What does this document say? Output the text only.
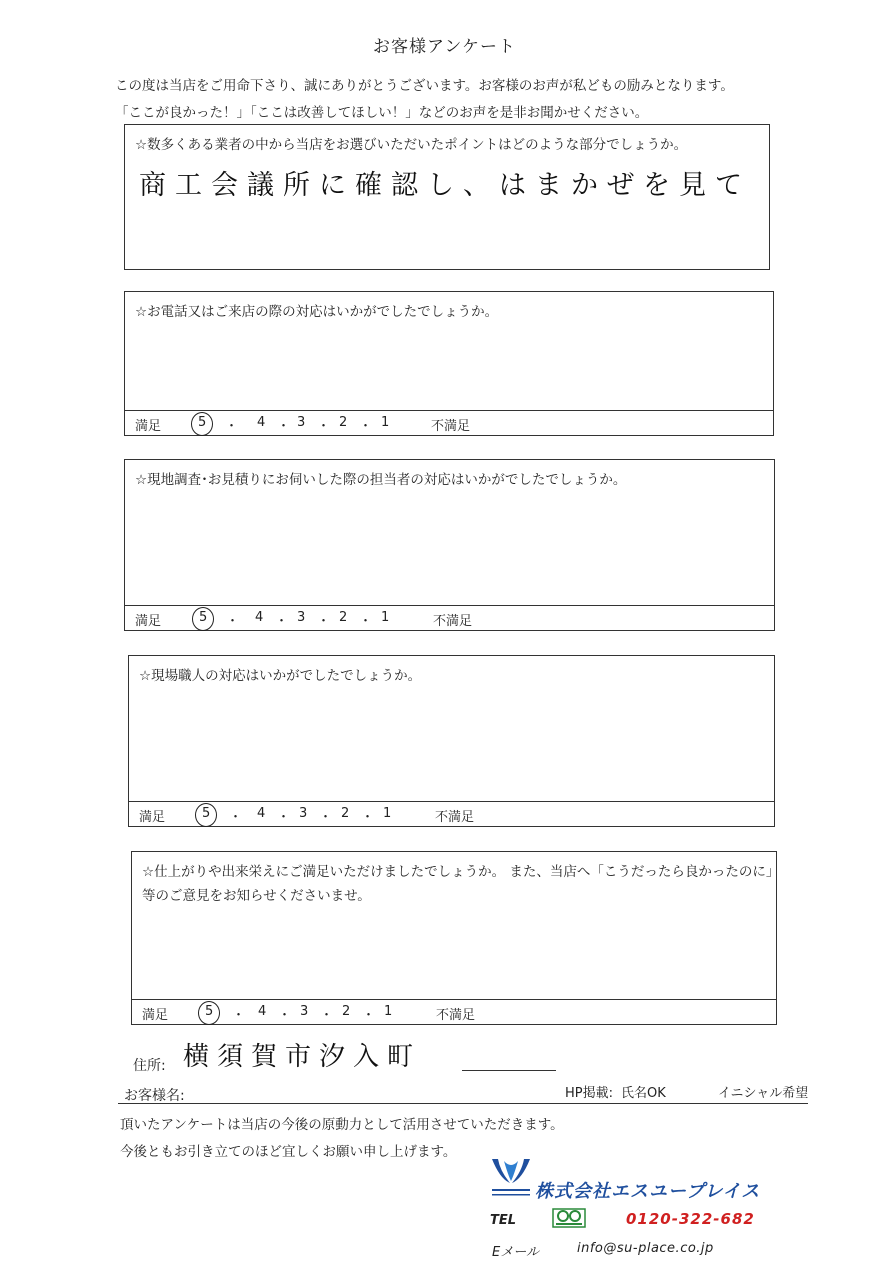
お客様アンケート
この度は当店をご用命下さり、誠にありがとうございます。お客様のお声が私どもの励みとなります。
「ここが良かった！」「ここは改善してほしい！」などのお声を是非お聞かせください。
☆数多くある業者の中から当店をお選びいただいたポイントはどのような部分でしょうか。
商工会議所に確認し、はまかぜを見て
☆お電話又はご来店の際の対応はいかがでしたでしょうか。
満足	5 ・ 4 ・ 3 ・ 2 ・ 1	不満足
☆現地調査･お見積りにお伺いした際の担当者の対応はいかがでしたでしょうか。
満足	5 ・ 4 ・ 3 ・ 2 ・ 1	不満足
☆現場職人の対応はいかがでしたでしょうか。
満足	5 ・ 4 ・ 3 ・ 2 ・ 1	不満足
☆仕上がりや出来栄えにご満足いただけましたでしょうか。 また、当店へ「こうだったら良かったのに」
等のご意見をお知らせくださいませ。
満足	5 ・ 4 ・ 3 ・ 2 ・ 1	不満足
住所: 横須賀市汐入町
お客様名:	HP掲載: 氏名OK	イニシャル希望
頂いたアンケートは当店の今後の原動力として活用させていただきます。
今後ともお引き立てのほど宜しくお願い申し上げます。
株式会社エスユープレイス
TEL	0120-322-682
Eメール	info@su-place.co.jp
